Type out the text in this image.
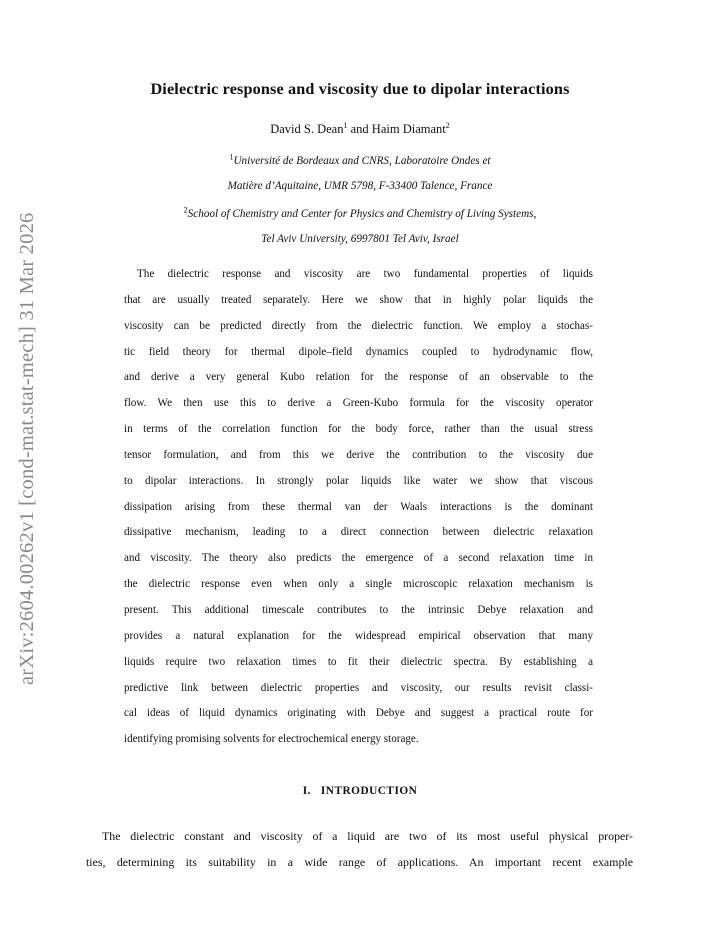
arXiv:2604.00262v1 [cond-mat.stat-mech] 31 Mar 2026
Dielectric response and viscosity due to dipolar interactions
David S. Dean$^1$ and Haim Diamant$^2$
$^1$Université de Bordeaux and CNRS, Laboratoire Ondes et
Matière d’Aquitaine, UMR 5798, F-33400 Talence, France
$^2$School of Chemistry and Center for Physics and Chemistry of Living Systems,
Tel Aviv University, 6997801 Tel Aviv, Israel
The dielectric response and viscosity are two fundamental properties of liquids
that are usually treated separately. Here we show that in highly polar liquids the
viscosity can be predicted directly from the dielectric function. We employ a stochas-
tic field theory for thermal dipole–field dynamics coupled to hydrodynamic flow,
and derive a very general Kubo relation for the response of an observable to the
flow. We then use this to derive a Green-Kubo formula for the viscosity operator
in terms of the correlation function for the body force, rather than the usual stress
tensor formulation, and from this we derive the contribution to the viscosity due
to dipolar interactions. In strongly polar liquids like water we show that viscous
dissipation arising from these thermal van der Waals interactions is the dominant
dissipative mechanism, leading to a direct connection between dielectric relaxation
and viscosity. The theory also predicts the emergence of a second relaxation time in
the dielectric response even when only a single microscopic relaxation mechanism is
present. This additional timescale contributes to the intrinsic Debye relaxation and
provides a natural explanation for the widespread empirical observation that many
liquids require two relaxation times to fit their dielectric spectra. By establishing a
predictive link between dielectric properties and viscosity, our results revisit classi-
cal ideas of liquid dynamics originating with Debye and suggest a practical route for
identifying promising solvents for electrochemical energy storage.
I. INTRODUCTION
The dielectric constant and viscosity of a liquid are two of its most useful physical proper-
ties, determining its suitability in a wide range of applications. An important recent example
